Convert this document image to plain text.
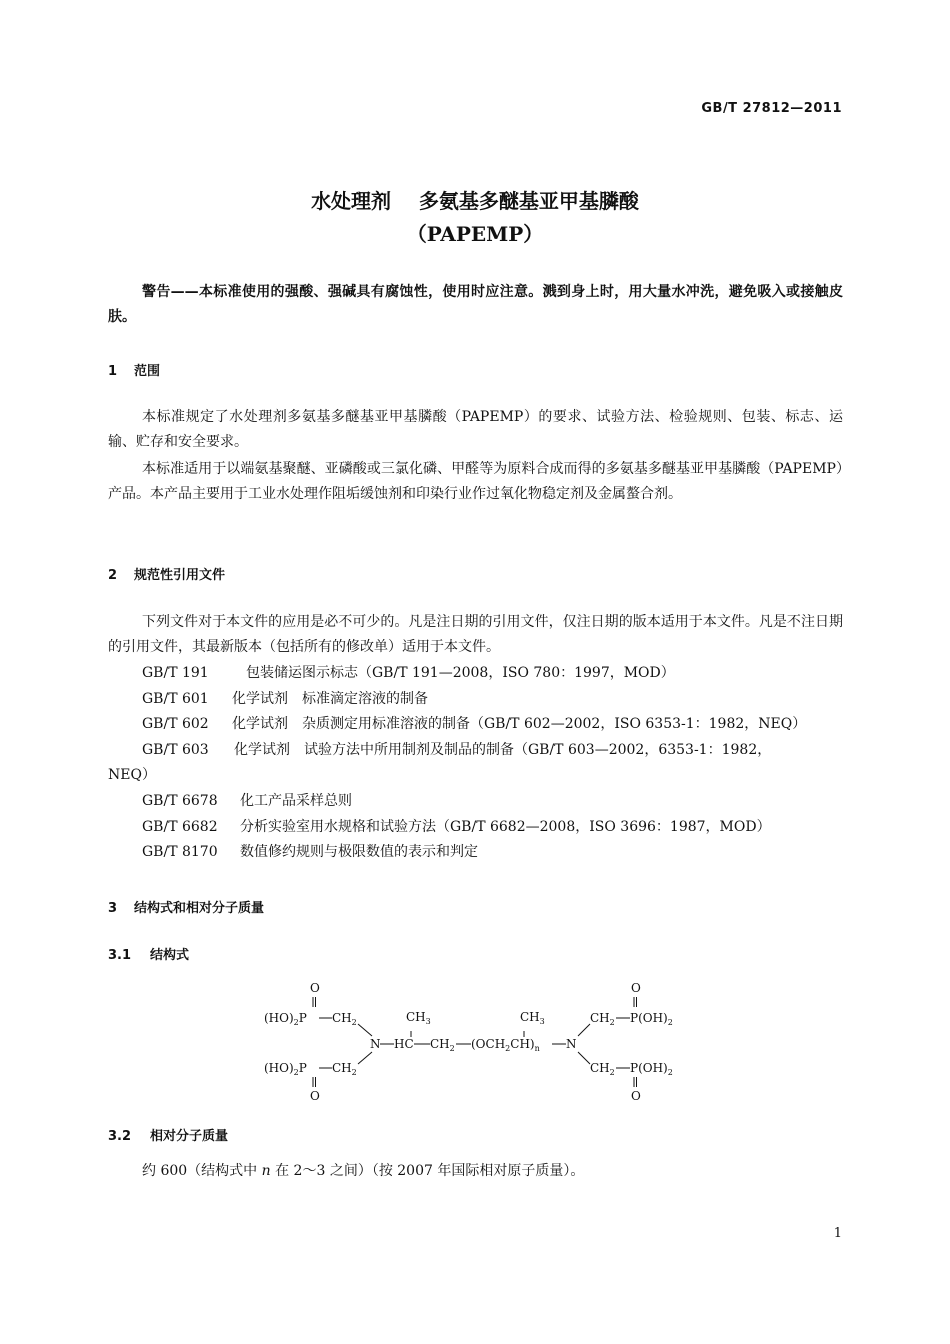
GB/T 27812—2011
水处理剂 多氨基多醚基亚甲基膦酸
（PAPEMP）
警告——本标准使用的强酸、强碱具有腐蚀性，使用时应注意。溅到身上时，用大量水冲洗，避免吸入或接触皮肤。
1 范围
本标准规定了水处理剂多氨基多醚基亚甲基膦酸（PAPEMP）的要求、试验方法、检验规则、包装、标志、运输、贮存和安全要求。
本标准适用于以端氨基聚醚、亚磷酸或三氯化磷、甲醛等为原料合成而得的多氨基多醚基亚甲基膦酸（PAPEMP）产品。本产品主要用于工业水处理作阻垢缓蚀剂和印染行业作过氧化物稳定剂及金属螯合剂。
2 规范性引用文件
下列文件对于本文件的应用是必不可少的。凡是注日期的引用文件，仅注日期的版本适用于本文件。凡是不注日期的引用文件，其最新版本（包括所有的修改单）适用于本文件。
GB/T 191	包装储运图示标志（GB/T 191—2008，ISO 780：1997，MOD）
GB/T 601 化学试剂　标准滴定溶液的制备
GB/T 602 化学试剂　杂质测定用标准溶液的制备（GB/T 602—2002，ISO 6353-1：1982，NEQ）
GB/T 603 化学试剂　试验方法中所用制剂及制品的制备（GB/T 603—2002，6353-1：1982，
NEQ）
GB/T 6678 化工产品采样总则
GB/T 6682 分析实验室用水规格和试验方法（GB/T 6682—2008，ISO 3696：1987，MOD）
GB/T 8170 数值修约规则与极限数值的表示和判定
3 结构式和相对分子质量
3.1 结构式
O
$(HO)_2P$ $CH_2$
N HC
$CH_3$
$CH_2$ $(OCH_2CH)_n$
$CH_3$
N
O
$CH_2$ $P(OH)_2$
$(HO)_2P$ $CH_2$
O
$CH_2$ $P(OH)_2$
O
3.2 相对分子质量
约 600（结构式中 n 在 2～3 之间）（按 2007 年国际相对原子质量）。
1
